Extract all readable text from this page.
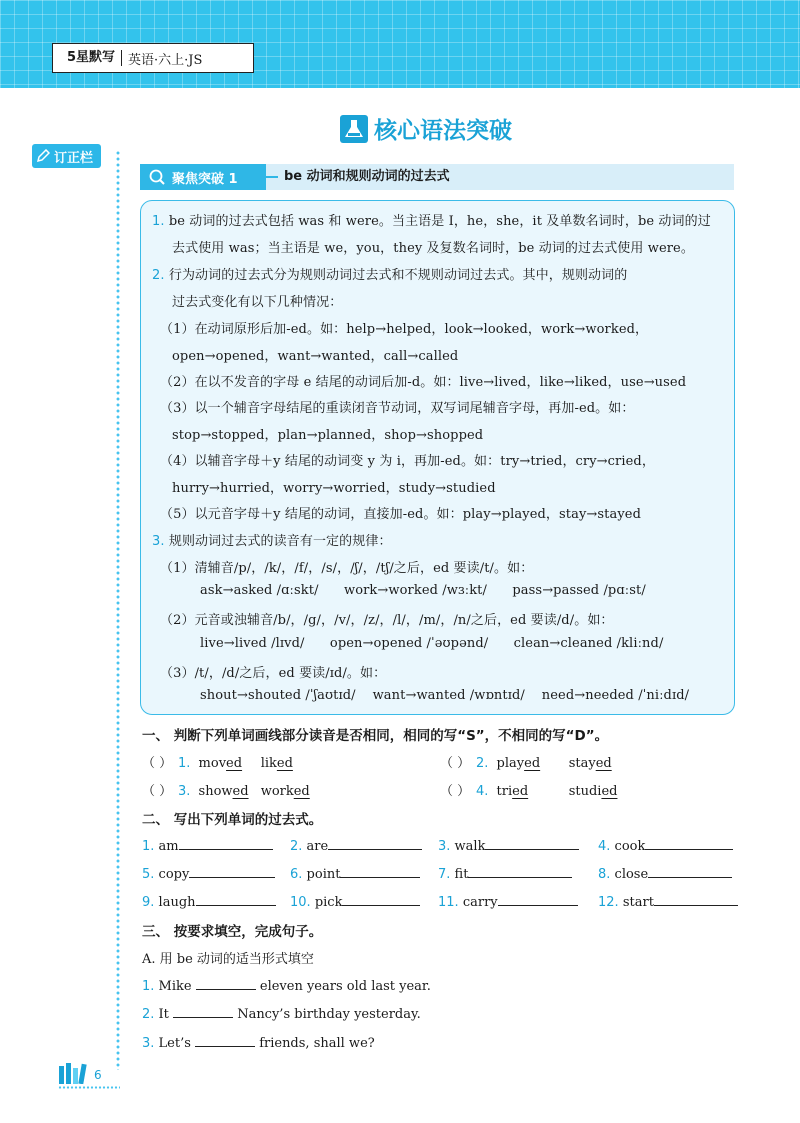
5星默写	英语·六上·JS
核心语法突破
订正栏
聚焦突破 1	be 动词和规则动词的过去式
1. be 动词的过去式包括 was 和 were。当主语是 I，he，she，it 及单数名词时，be 动词的过
去式使用 was；当主语是 we，you，they 及复数名词时，be 动词的过去式使用 were。
2. 行为动词的过去式分为规则动词过去式和不规则动词过去式。其中，规则动词的
过去式变化有以下几种情况：
（1）在动词原形后加-ed。如：help→helped，look→looked，work→worked，
open→opened，want→wanted，call→called
（2）在以不发音的字母 e 结尾的动词后加-d。如：live→lived，like→liked，use→used
（3）以一个辅音字母结尾的重读闭音节动词，双写词尾辅音字母，再加-ed。如：
stop→stopped，plan→planned，shop→shopped
（4）以辅音字母＋y 结尾的动词变 y 为 i，再加-ed。如：try→tried，cry→cried，
hurry→hurried，worry→worried，study→studied
（5）以元音字母＋y 结尾的动词，直接加-ed。如：play→played，stay→stayed
3. 规则动词过去式的读音有一定的规律：
（1）清辅音/p/，/k/，/f/，/s/，/ʃ/，/tʃ/之后，ed 要读/t/。如：
ask→asked /ɑːskt/      work→worked /wɜːkt/      pass→passed /pɑːst/
（2）元音或浊辅音/b/，/g/，/v/，/z/，/l/，/m/，/n/之后，ed 要读/d/。如：
live→lived /lɪvd/      open→opened /ˈəʊpənd/      clean→cleaned /kliːnd/
（3）/t/，/d/之后，ed 要读/ɪd/。如：
shout→shouted /ˈʃaʊtɪd/    want→wanted /wɒntɪd/    need→needed /ˈniːdɪd/
一、 判断下列单词画线部分读音是否相同，相同的写“S”，不相同的写“D”。
（ ） 1. moved liked	（ ） 2. played stayed
（ ） 3. showed worked	（ ） 4. tried	studied
二、 写出下列单词的过去式。
1. am	2. are	3. walk	4. cook
5. copy	6. point	7. fit	8. close
9. laugh	10. pick	11. carry	12. start
三、 按要求填空，完成句子。
A. 用 be 动词的适当形式填空
1. Mike	eleven years old last year.
2. It	Nancy’s birthday yesterday.
3. Let’s	friends, shall we?
6
